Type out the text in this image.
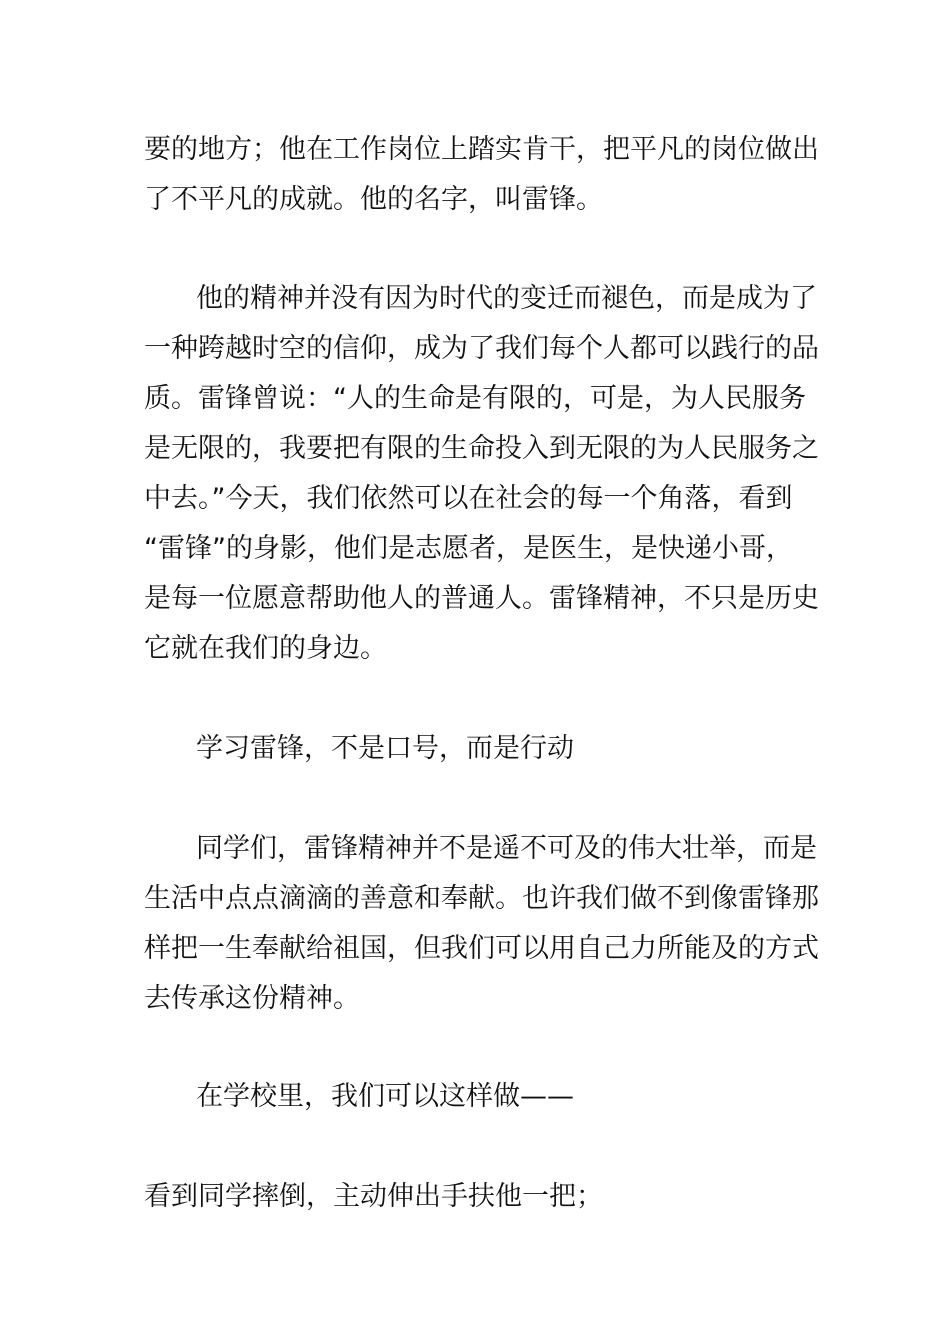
要的地方；他在工作岗位上踏实肯干，把平凡的岗位做出
了不平凡的成就。他的名字，叫雷锋。
他的精神并没有因为时代的变迁而褪色，而是成为了
一种跨越时空的信仰，成为了我们每个人都可以践行的品
质。雷锋曾说：“人的生命是有限的，可是，为人民服务
是无限的，我要把有限的生命投入到无限的为人民服务之
中去。”今天，我们依然可以在社会的每一个角落，看到
“雷锋”的身影，他们是志愿者，是医生，是快递小哥，
是每一位愿意帮助他人的普通人。雷锋精神，不只是历史
它就在我们的身边。
学习雷锋，不是口号，而是行动
同学们，雷锋精神并不是遥不可及的伟大壮举，而是
生活中点点滴滴的善意和奉献。也许我们做不到像雷锋那
样把一生奉献给祖国，但我们可以用自己力所能及的方式
去传承这份精神。
在学校里，我们可以这样做——
看到同学摔倒，主动伸出手扶他一把；
